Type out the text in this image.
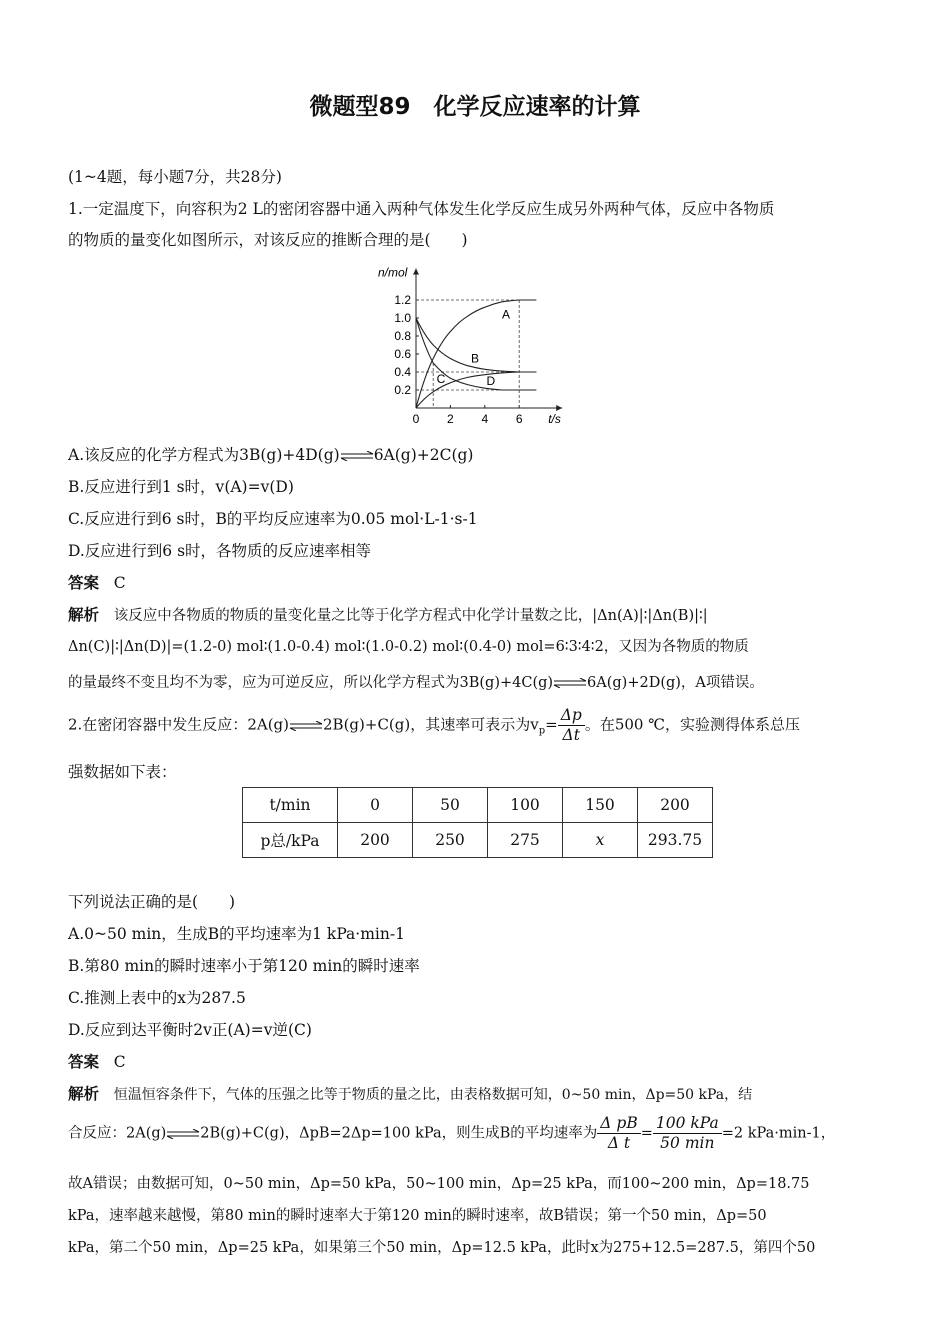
微题型89　化学反应速率的计算
(1~4题，每小题7分，共28分)
1.一定温度下，向容积为2 L的密闭容器中通入两种气体发生化学反应生成另外两种气体，反应中各物质
的物质的量变化如图所示，对该反应的推断合理的是(　　)
n/mol
t/s
0.2
0.4
0.6
0.8
1.0
1.2
0 2 4 6
A
B
C	D
A.该反应的化学方程式为3B(g)+4D(g)⇌6A(g)+2C(g)
B.反应进行到1 s时，v(A)=v(D)
C.反应进行到6 s时，B的平均反应速率为0.05 mol·L-1·s-1
D.反应进行到6 s时，各物质的反应速率相等
答案 C
解析 该反应中各物质的物质的量变化量之比等于化学方程式中化学计量数之比，|Δn(A)|∶|Δn(B)|∶|
Δn(C)|∶|Δn(D)|=(1.2-0) mol∶(1.0-0.4) mol∶(1.0-0.2) mol∶(0.4-0) mol=6∶3∶4∶2，又因为各物质的物质
的量最终不变且均不为零，应为可逆反应，所以化学方程式为3B(g)+4C(g)⇌6A(g)+2D(g)，A项错误。
2.在密闭容器中发生反应：2A(g)⇌2B(g)+C(g)，其速率可表示为$v_p= \frac{\Delta p}{\Delta t}$ 。在500 ℃，实验测得体系总压
强数据如下表：
t/min	0	50	100	150	200
p总/kPa	200	250	275	x	293.75
下列说法正确的是(　　)
A.0~50 min，生成B的平均速率为1 kPa·min-1
B.第80 min的瞬时速率小于第120 min的瞬时速率
C.推测上表中的x为287.5
D.反应到达平衡时2v正(A)=v逆(C)
答案 C
解析 恒温恒容条件下，气体的压强之比等于物质的量之比，由表格数据可知，0~50 min，Δp=50 kPa，结
合反应：2A(g)⇌2B(g)+C(g)，ΔpB=2Δp=100 kPa，则生成B的平均速率为 $\frac{\text{Δ pB}}{\text{Δ t}} = \frac{\text{100 kPa}}{50 \min} =2$ kPa·min-1，
故A错误；由数据可知，0~50 min，Δp=50 kPa，50~100 min，Δp=25 kPa，而100~200 min，Δp=18.75
kPa，速率越来越慢，第80 min的瞬时速率大于第120 min的瞬时速率，故B错误；第一个50 min，Δp=50
kPa，第二个50 min，Δp=25 kPa，如果第三个50 min，Δp=12.5 kPa，此时x为275+12.5=287.5，第四个50
